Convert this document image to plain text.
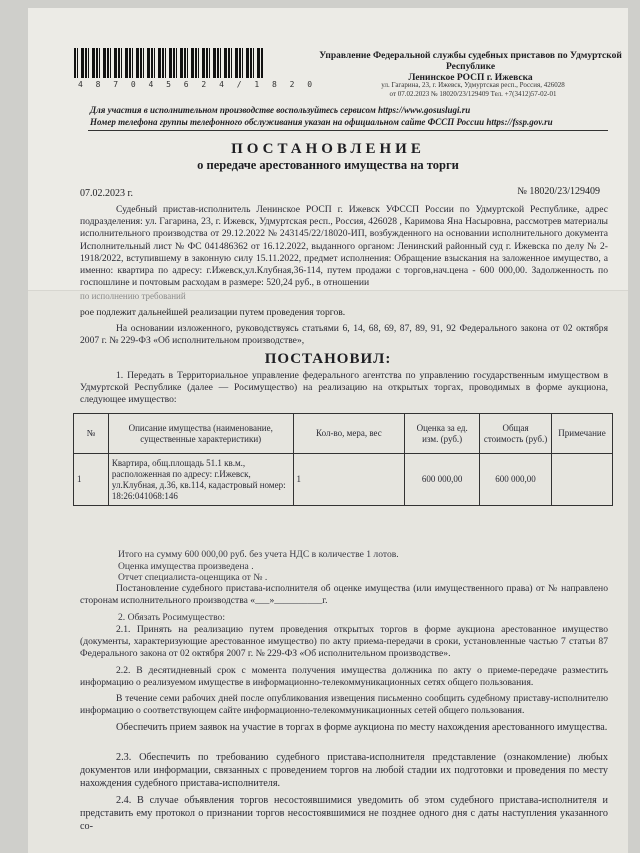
4 8 7 0 4 5 6 2 4 / 1 8 2 0
Управление Федеральной службы судебных приставов по Удмуртской
Республике
Ленинское РОСП г. Ижевска
ул. Гагарина, 23, г. Ижевск, Удмуртская респ., Россия, 426028
от 07.02.2023 № 18020/23/129409 Тел. +7(3412)57-02-01
Для участия в исполнительном производстве воспользуйтесь сервисом https://www.gosuslugi.ru
Номер телефона группы телефонного обслуживания указан на официальном сайте ФССП России https://fssp.gov.ru
ПОСТАНОВЛЕНИЕ
о передаче арестованного имущества на торги
07.02.2023 г.	№ 18020/23/129409
Судебный пристав-исполнитель Ленинское РОСП г. Ижевск УФССП России по Удмуртской Республике, адрес подразделения: ул. Гагарина, 23, г. Ижевск, Удмуртская респ., Россия, 426028 , Каримова Яна Насыровна, рассмотрев материалы исполнительного производства от 29.12.2022 № 243145/22/18020-ИП, возбужденного на основании исполнительного документа Исполнительный лист № ФС 041486362 от 16.12.2022, выданного органом: Ленинский районный суд г. Ижевска по делу № 2-1918/2022, вступившему в законную силу 15.11.2022, предмет исполнения: Обращение взыскания на заложенное имущество, а именно: квартира по адресу: г.Ижевск,ул.Клубная,36-114, путем продажи с торгов,нач.цена - 600 000,00. Задолженность по госпошлине и почтовым расходам в размере: 520,24 руб., в отношении
по исполнению требований
рое подлежит дальнейшей реализации путем проведения торгов.
На основании изложенного, руководствуясь статьями 6, 14, 68, 69, 87, 89, 91, 92 Федерального закона от 02 октября 2007 г. № 229-ФЗ «Об исполнительном производстве»,
ПОСТАНОВИЛ:
1. Передать в Территориальное управление федерального агентства по управлению государственным имуществом в Удмуртской Республике (далее — Росимущество) на реализацию на открытых торгах, проводимых в форме аукциона, следующее имущество:
№	Описание имущества (наименование, существенные характеристики)	Кол-во, мера, вес	Оценка за ед. изм. (руб.)	Общая стоимость (руб.)	Примечание
1	Квартира, общ.площадь 51.1 кв.м., расположенная по адресу: г.Ижевск, ул.Клубная, д.36, кв.114, кадастровый номер: 18:26:041068:146	1	600 000,00	600 000,00	
Итого на сумму 600 000,00 руб. без учета НДС в количестве 1 лотов.
Оценка имущества произведена .
Отчет специалиста-оценщика от № .
Постановление судебного пристава-исполнителя об оценке имущества (или имущественного права) от № направлено сторонам исполнительного производства «___»__________г.
2. Обязать Росимущество:
2.1. Принять на реализацию путем проведения открытых торгов в форме аукциона арестованное имущество (документы, характеризующие арестованное имущество) по акту приема-передачи в сроки, установленные частью 7 статьи 87 Федерального закона от 02 октября 2007 г. № 229-ФЗ «Об исполнительном производстве».
2.2. В десятидневный срок с момента получения имущества должника по акту о приеме-передаче разместить информацию о реализуемом имуществе в информационно-телекоммуникационных сетях общего пользования.
В течение семи рабочих дней после опубликования извещения письменно сообщить судебному приставу-исполнителю информацию о соответствующем сайте информационно-телекоммуникационных сетей общего пользования.
Обеспечить прием заявок на участие в торгах в форме аукциона по месту нахождения арестованного имущества.
2.3. Обеспечить по требованию судебного пристава-исполнителя представление (ознакомление) любых документов или информации, связанных с проведением торгов на любой стадии их подготовки и проведения по месту нахождения судебного пристава-исполнителя.
2.4. В случае объявления торгов несостоявшимися уведомить об этом судебного пристава-исполнителя и представить ему протокол о признании торгов несостоявшимися не позднее одного дня с даты наступления указанного со-
